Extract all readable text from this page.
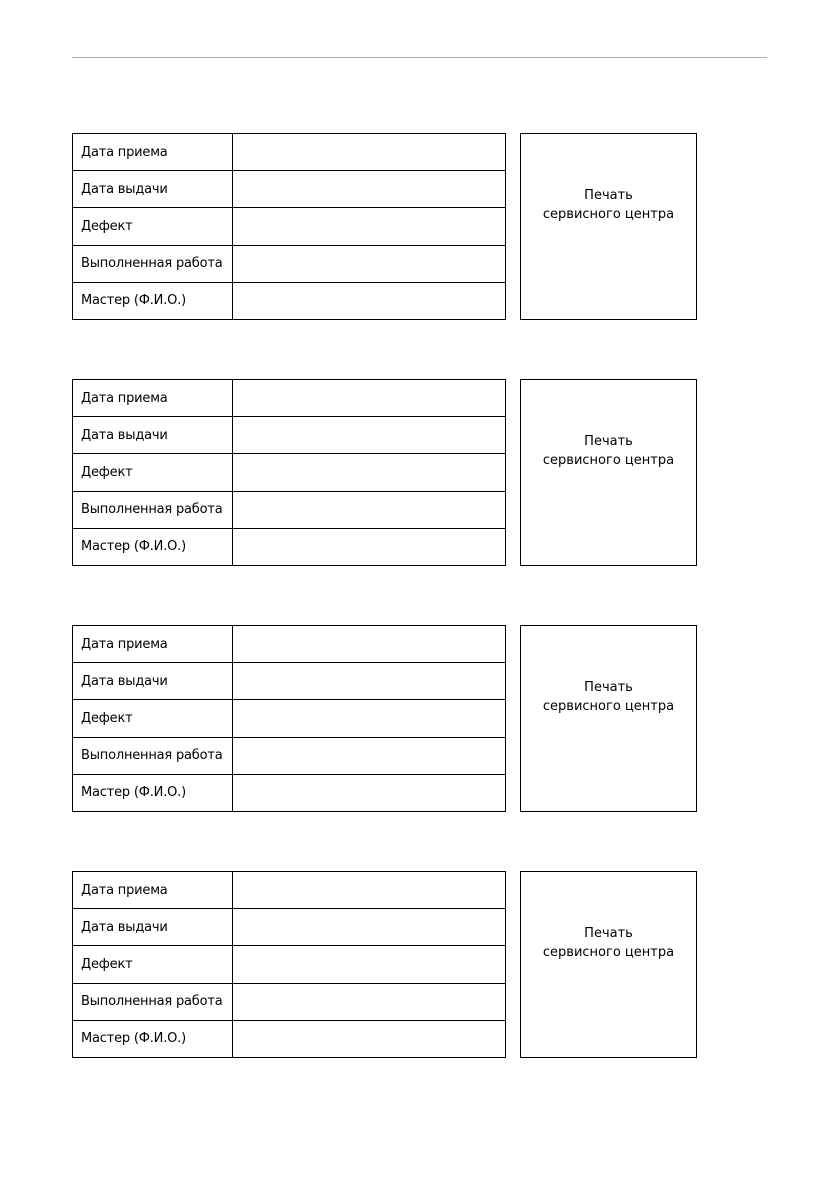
Дата приема	
Дата выдачи	
Дефект	
Выполненная работа	
Мастер (Ф.И.О.)	
Печать
сервисного центра
Дата приема	
Дата выдачи	
Дефект	
Выполненная работа	
Мастер (Ф.И.О.)	
Печать
сервисного центра
Дата приема	
Дата выдачи	
Дефект	
Выполненная работа	
Мастер (Ф.И.О.)	
Печать
сервисного центра
Дата приема	
Дата выдачи	
Дефект	
Выполненная работа	
Мастер (Ф.И.О.)	
Печать
сервисного центра
